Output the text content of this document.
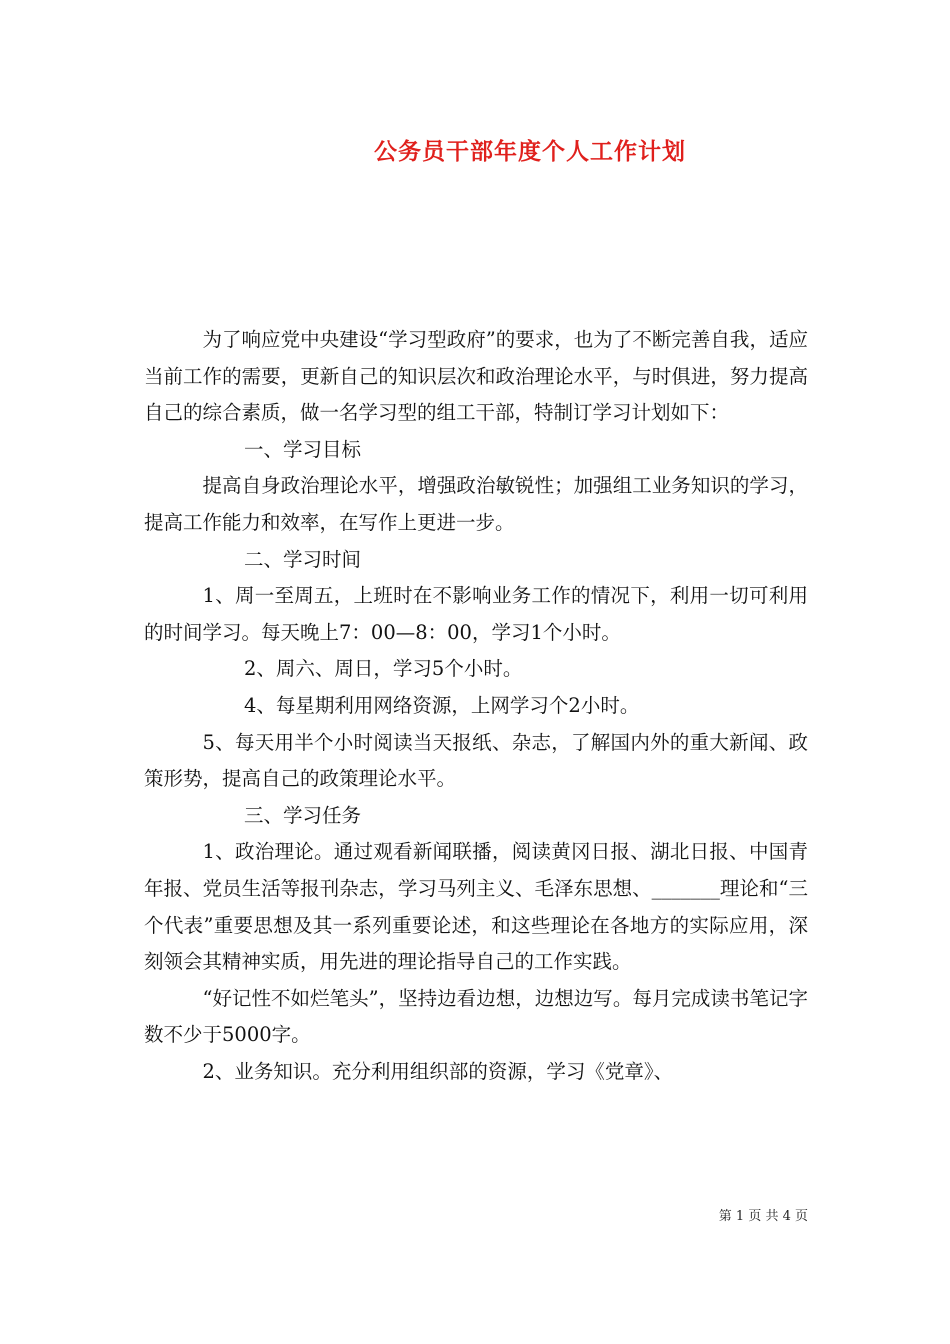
公务员干部年度个人工作计划

为了响应党中央建设“学习型政府”的要求，也为了不断完善自我，适应当前工作的需要，更新自己的知识层次和政治理论水平，与时俱进，努力提高自己的综合素质，做一名学习型的组工干部，特制订学习计划如下：

一、学习目标

提高自身政治理论水平，增强政治敏锐性；加强组工业务知识的学习，提高工作能力和效率，在写作上更进一步。

二、学习时间

1、周一至周五，上班时在不影响业务工作的情况下，利用一切可利用的时间学习。每天晚上7：00—8：00，学习1个小时。

2、周六、周日，学习5个小时。

4、每星期利用网络资源，上网学习个2小时。

5、每天用半个小时阅读当天报纸、杂志，了解国内外的重大新闻、政策形势，提高自己的政策理论水平。

三、学习任务

1、政治理论。通过观看新闻联播，阅读黄冈日报、湖北日报、中国青年报、党员生活等报刊杂志，学习马列主义、毛泽东思想、_______理论和“三个代表”重要思想及其一系列重要论述，和这些理论在各地方的实际应用，深刻领会其精神实质，用先进的理论指导自己的工作实践。

“好记性不如烂笔头”，坚持边看边想，边想边写。每月完成读书笔记字数不少于5000字。

2、业务知识。充分利用组织部的资源，学习《党章》、

第 1 页 共 4 页
